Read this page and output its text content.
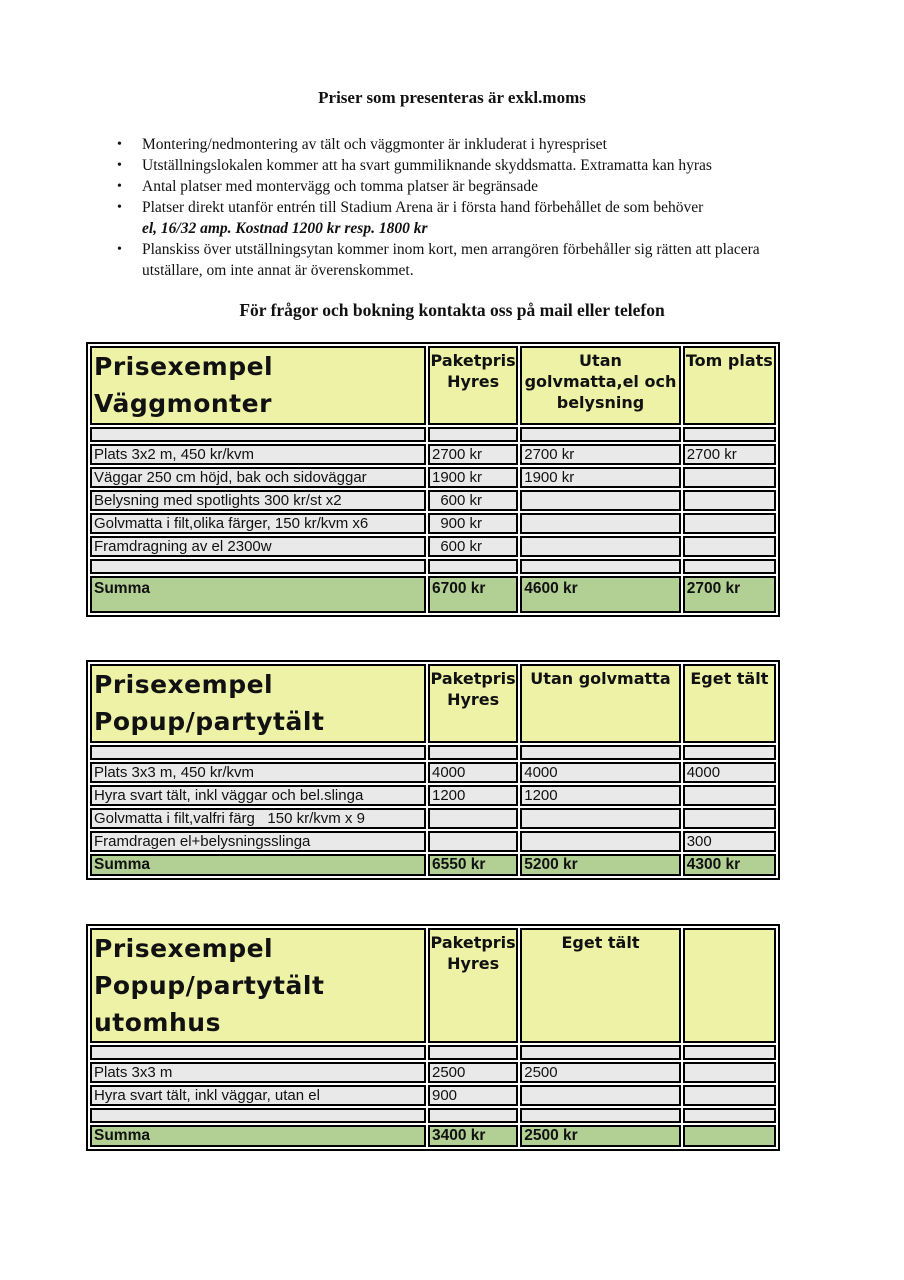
Priser som presenteras är exkl.moms
•	Montering/nedmontering av tält och väggmonter är inkluderat i hyrespriset
•	Utställningslokalen kommer att ha svart gummiliknande skyddsmatta. Extramatta kan hyras
•	Antal platser med montervägg och tomma platser är begränsade
•	Platser direkt utanför entrén till Stadium Arena är i första hand förbehållet de som behöver
el, 16/32 amp. Kostnad 1200 kr resp. 1800 kr
•	Planskiss över utställningsytan kommer inom kort, men arrangören förbehåller sig rätten att placera utställare, om inte annat är överenskommet.
För frågor och bokning kontakta oss på mail eller telefon
Prisexempel
Väggmonter	Paketpris Hyres	Utan golvmatta,el och belysning	Tom plats

Plats 3x2 m, 450 kr/kvm	2700 kr	2700 kr	2700 kr
Väggar 250 cm höjd, bak och sidoväggar	1900 kr	1900 kr	
Belysning med spotlights 300 kr/st x2	600 kr		
Golvmatta i filt,olika färger, 150 kr/kvm x6	900 kr		
Framdragning av el 2300w	600 kr		

Summa	6700 kr	4600 kr	2700 kr
Prisexempel
Popup/partytält	Paketpris Hyres	Utan golvmatta	Eget tält

Plats 3x3 m, 450 kr/kvm	4000	4000	4000
Hyra svart tält, inkl väggar och bel.slinga	1200	1200	
Golvmatta i filt,valfri färg   150 kr/kvm x 9			
Framdragen el+belysningsslinga			300
Summa	6550 kr	5200 kr	4300 kr
Prisexempel
Popup/partytält utomhus	Paketpris Hyres	Eget tält	

Plats 3x3 m	2500	2500	
Hyra svart tält, inkl väggar, utan el	900		

Summa	3400 kr	2500 kr	
